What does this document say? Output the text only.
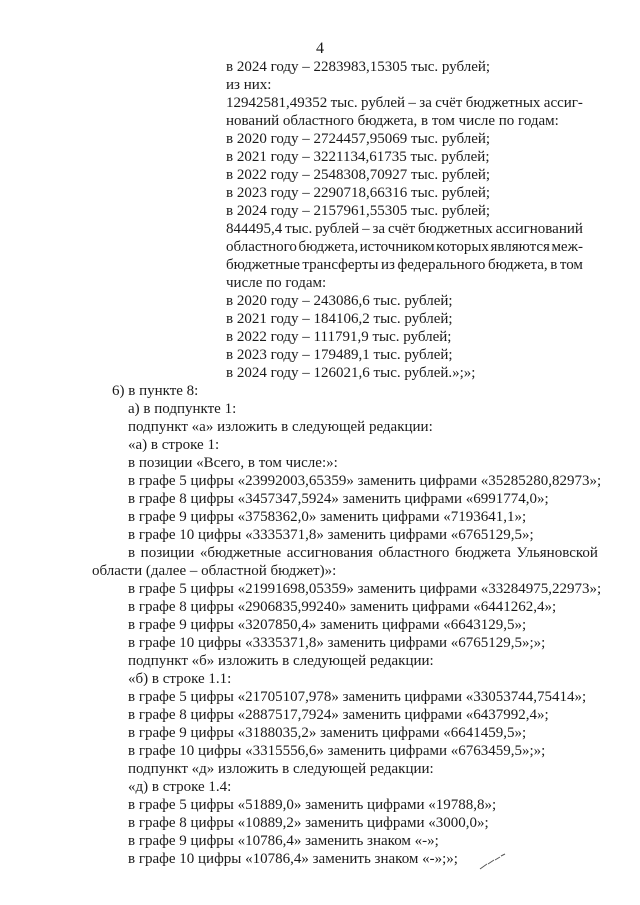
4
в 2024 году – 2283983,15305 тыс. рублей;
из них:
12942581,49352 тыс. рублей – за счёт бюджетных ассиг-
нований областного бюджета, в том числе по годам:
в 2020 году – 2724457,95069 тыс. рублей;
в 2021 году – 3221134,61735 тыс. рублей;
в 2022 году – 2548308,70927 тыс. рублей;
в 2023 году – 2290718,66316 тыс. рублей;
в 2024 году – 2157961,55305 тыс. рублей;
844495,4 тыс. рублей – за счёт бюджетных ассигнований
областного бюджета, источником которых являются меж-
бюджетные трансферты из федерального бюджета, в том
числе по годам:
в 2020 году – 243086,6 тыс. рублей;
в 2021 году – 184106,2 тыс. рублей;
в 2022 году – 111791,9 тыс. рублей;
в 2023 году – 179489,1 тыс. рублей;
в 2024 году – 126021,6 тыс. рублей.»;»;
6) в пункте 8:
а) в подпункте 1:
подпункт «а» изложить в следующей редакции:
«а) в строке 1:
в позиции «Всего, в том числе:»:
в графе 5 цифры «23992003,65359» заменить цифрами «35285280,82973»;
в графе 8 цифры «3457347,5924» заменить цифрами «6991774,0»;
в графе 9 цифры «3758362,0» заменить цифрами «7193641,1»;
в графе 10 цифры «3335371,8» заменить цифрами «6765129,5»;
в позиции «бюджетные ассигнования областного бюджета Ульяновской
области (далее – областной бюджет)»:
в графе 5 цифры «21991698,05359» заменить цифрами «33284975,22973»;
в графе 8 цифры «2906835,99240» заменить цифрами «6441262,4»;
в графе 9 цифры «3207850,4» заменить цифрами «6643129,5»;
в графе 10 цифры «3335371,8» заменить цифрами «6765129,5»;»;
подпункт «б» изложить в следующей редакции:
«б) в строке 1.1:
в графе 5 цифры «21705107,978» заменить цифрами «33053744,75414»;
в графе 8 цифры «2887517,7924» заменить цифрами «6437992,4»;
в графе 9 цифры «3188035,2» заменить цифрами «6641459,5»;
в графе 10 цифры «3315556,6» заменить цифрами «6763459,5»;»;
подпункт «д» изложить в следующей редакции:
«д) в строке 1.4:
в графе 5 цифры «51889,0» заменить цифрами «19788,8»;
в графе 8 цифры «10889,2» заменить цифрами «3000,0»;
в графе 9 цифры «10786,4» заменить знаком «-»;
в графе 10 цифры «10786,4» заменить знаком «-»;»;
